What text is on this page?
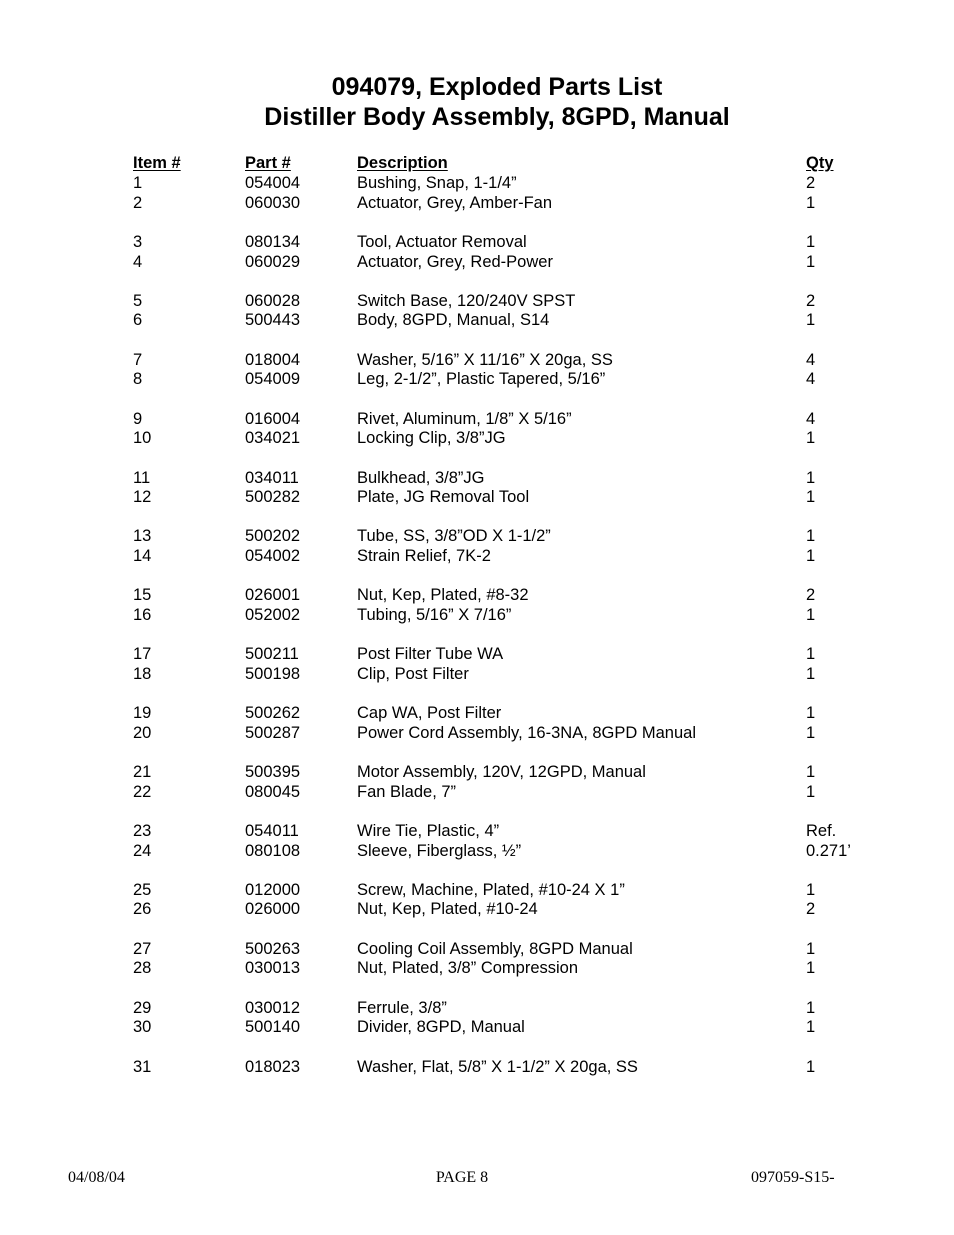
094079, Exploded Parts List
Distiller Body Assembly, 8GPD, Manual
Item #	Part #	Description	Qty
1	054004	Bushing, Snap, 1-1/4”	2
2	060030	Actuator, Grey, Amber-Fan	1
3	080134	Tool, Actuator Removal	1
4	060029	Actuator, Grey, Red-Power	1
5	060028	Switch Base, 120/240V SPST	2
6	500443	Body, 8GPD, Manual, S14	1
7	018004	Washer, 5/16” X 11/16” X 20ga, SS	4
8	054009	Leg, 2-1/2”, Plastic Tapered, 5/16”	4
9	016004	Rivet, Aluminum, 1/8” X 5/16”	4
10	034021	Locking Clip, 3/8”JG	1
11	034011	Bulkhead, 3/8”JG	1
12	500282	Plate, JG Removal Tool	1
13	500202	Tube, SS, 3/8”OD X 1-1/2”	1
14	054002	Strain Relief, 7K-2	1
15	026001	Nut, Kep, Plated, #8-32	2
16	052002	Tubing, 5/16” X 7/16”	1
17	500211	Post Filter Tube WA	1
18	500198	Clip, Post Filter	1
19	500262	Cap WA, Post Filter	1
20	500287	Power Cord Assembly, 16-3NA, 8GPD Manual	1
21	500395	Motor Assembly, 120V, 12GPD, Manual	1
22	080045	Fan Blade, 7”	1
23	054011	Wire Tie, Plastic, 4”	Ref.
24	080108	Sleeve, Fiberglass, ½”	0.271’
25	012000	Screw, Machine, Plated, #10-24 X 1”	1
26	026000	Nut, Kep, Plated, #10-24	2
27	500263	Cooling Coil Assembly, 8GPD Manual	1
28	030013	Nut, Plated, 3/8” Compression	1
29	030012	Ferrule, 3/8”	1
30	500140	Divider, 8GPD, Manual	1
31	018023	Washer, Flat, 5/8” X 1-1/2” X 20ga, SS	1
04/08/04	PAGE 8	097059-S15-
